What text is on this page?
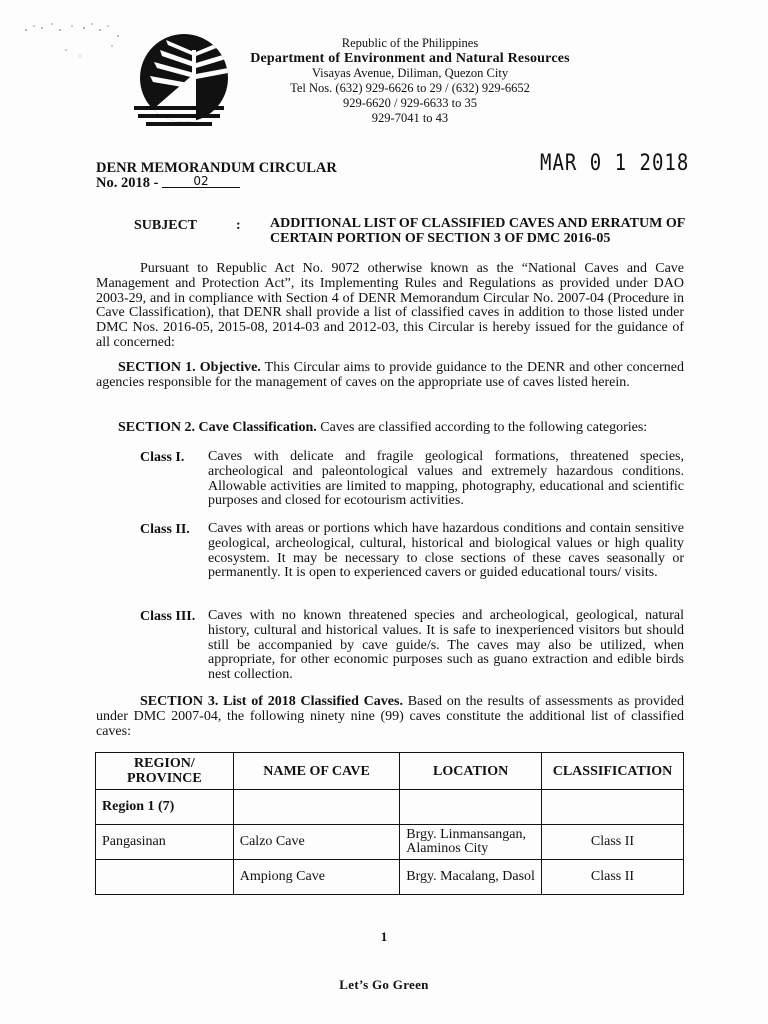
Republic of the Philippines
Department of Environment and Natural Resources
Visayas Avenue, Diliman, Quezon City
Tel Nos. (632) 929-6626 to 29 / (632) 929-6652
929-6620 / 929-6633 to 35
929-7041 to 43
DENR MEMORANDUM CIRCULAR
No. 2018 -	02
MAR 0 1 2018
SUBJECT	: ADDITIONAL LIST OF CLASSIFIED CAVES AND ERRATUM OF CERTAIN PORTION OF SECTION 3 OF DMC 2016-05
Pursuant to Republic Act No. 9072 otherwise known as the “National Caves and Cave Management and Protection Act”, its Implementing Rules and Regulations as provided under DAO 2003-29, and in compliance with Section 4 of DENR Memorandum Circular No. 2007-04 (Procedure in Cave Classification), that DENR shall provide a list of classified caves in addition to those listed under DMC Nos. 2016-05, 2015-08, 2014-03 and 2012-03, this Circular is hereby issued for the guidance of all concerned:
SECTION 1. Objective. This Circular aims to provide guidance to the DENR and other concerned agencies responsible for the management of caves on the appropriate use of caves listed herein.
SECTION 2. Cave Classification. Caves are classified according to the following categories:
Class I. Caves with delicate and fragile geological formations, threatened species, archeological and paleontological values and extremely hazardous conditions. Allowable activities are limited to mapping, photography, educational and scientific purposes and closed for ecotourism activities.
Class II. Caves with areas or portions which have hazardous conditions and contain sensitive geological, archeological, cultural, historical and biological values or high quality ecosystem. It may be necessary to close sections of these caves seasonally or permanently. It is open to experienced cavers or guided educational tours/ visits.
Class III. Caves with no known threatened species and archeological, geological, natural history, cultural and historical values. It is safe to inexperienced visitors but should still be accompanied by cave guide/s. The caves may also be utilized, when appropriate, for other economic purposes such as guano extraction and edible birds nest collection.
SECTION 3. List of 2018 Classified Caves. Based on the results of assessments as provided under DMC 2007-04, the following ninety nine (99) caves constitute the additional list of classified caves:
REGION/ PROVINCE	NAME OF CAVE	LOCATION	CLASSIFICATION
Region 1 (7)			
Pangasinan	Calzo Cave	Brgy. Linmansangan, Alaminos City	Class II
	Ampiong Cave	Brgy. Macalang, Dasol	Class II
1
Let’s Go Green
